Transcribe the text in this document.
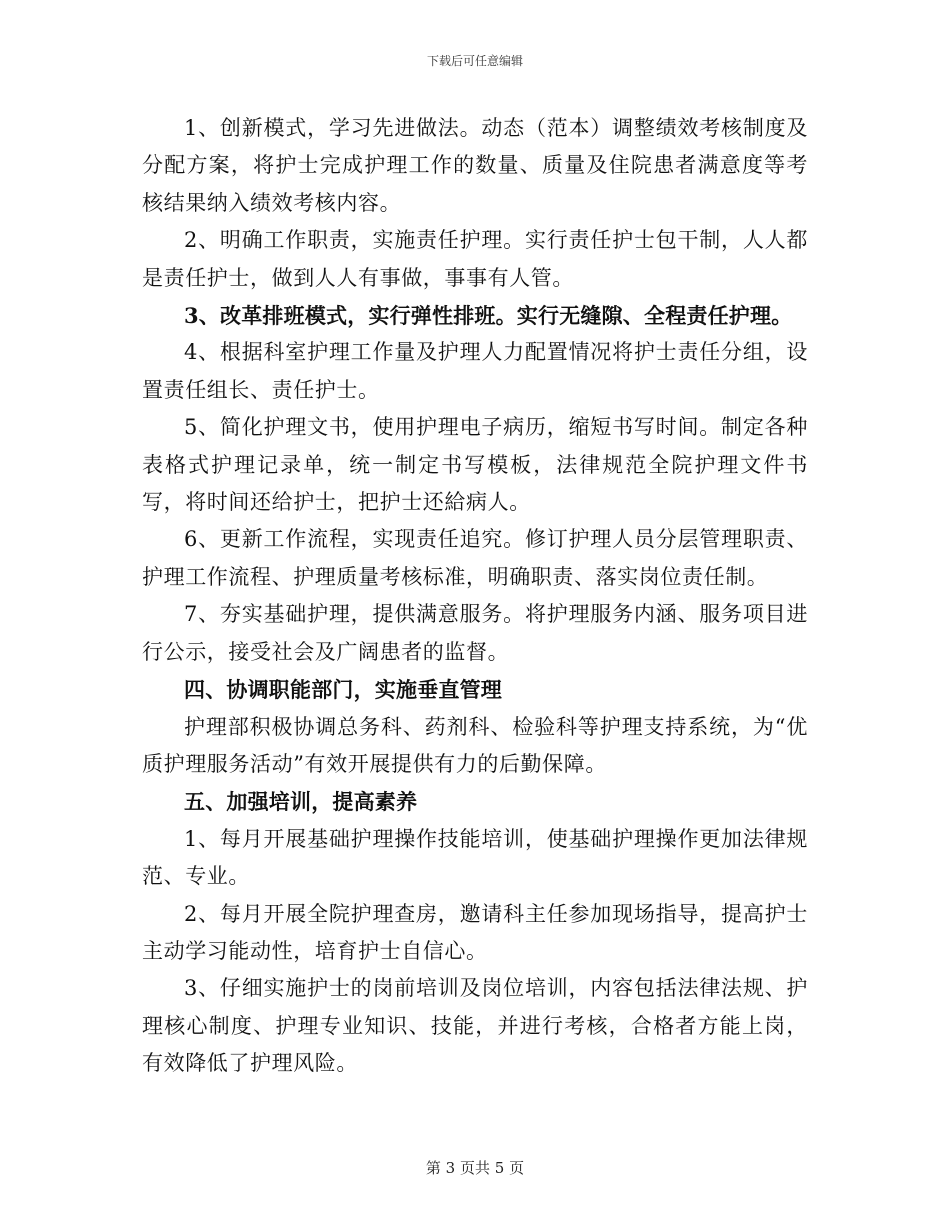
下载后可任意编辑

1、创新模式，学习先进做法。动态（范本）调整绩效考核制度及分配方案，将护士完成护理工作的数量、质量及住院患者满意度等考核结果纳入绩效考核内容。

2、明确工作职责，实施责任护理。实行责任护士包干制，人人都是责任护士，做到人人有事做，事事有人管。

3、改革排班模式，实行弹性排班。实行无缝隙、全程责任护理。

4、根据科室护理工作量及护理人力配置情况将护士责任分组，设置责任组长、责任护士。

5、简化护理文书，使用护理电子病历，缩短书写时间。制定各种表格式护理记录单，统一制定书写模板，法律规范全院护理文件书写，将时间还给护士，把护士还給病人。

6、更新工作流程，实现责任追究。修订护理人员分层管理职责、护理工作流程、护理质量考核标准，明确职责、落实岗位责任制。

7、夯实基础护理，提供满意服务。将护理服务内涵、服务项目进行公示，接受社会及广阔患者的监督。

四、协调职能部门，实施垂直管理

护理部积极协调总务科、药剂科、检验科等护理支持系统，为“优质护理服务活动”有效开展提供有力的后勤保障。

五、加强培训，提高素养

1、每月开展基础护理操作技能培训，使基础护理操作更加法律规范、专业。

2、每月开展全院护理查房，邀请科主任参加现场指导，提高护士主动学习能动性，培育护士自信心。

3、仔细实施护士的岗前培训及岗位培训，内容包括法律法规、护理核心制度、护理专业知识、技能，并进行考核，合格者方能上岗，有效降低了护理风险。

第 3 页共 5 页
